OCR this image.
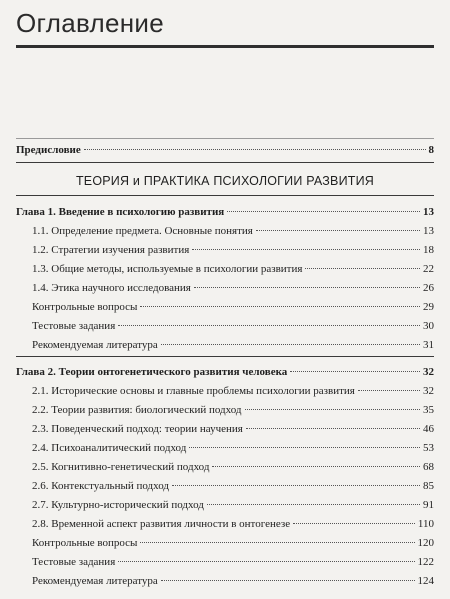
Оглавление
Предисловие	8
ТЕОРИЯ и ПРАКТИКА ПСИХОЛОГИИ РАЗВИТИЯ
Глава 1. Введение в психологию развития	13
1.1. Определение предмета. Основные понятия	13
1.2. Стратегии изучения развития	18
1.3. Общие методы, используемые в психологии развития	22
1.4. Этика научного исследования	26
Контрольные вопросы	29
Тестовые задания	30
Рекомендуемая литература	31
Глава 2. Теории онтогенетического развития человека	32
2.1. Исторические основы и главные проблемы психологии развития	32
2.2. Теории развития: биологический подход	35
2.3. Поведенческий подход: теории научения	46
2.4. Психоаналитический подход	53
2.5. Когнитивно-генетический подход	68
2.6. Контекстуальный подход	85
2.7. Культурно-исторический подход	91
2.8. Временной аспект развития личности в онтогенезе	110
Контрольные вопросы	120
Тестовые задания	122
Рекомендуемая литература	124
